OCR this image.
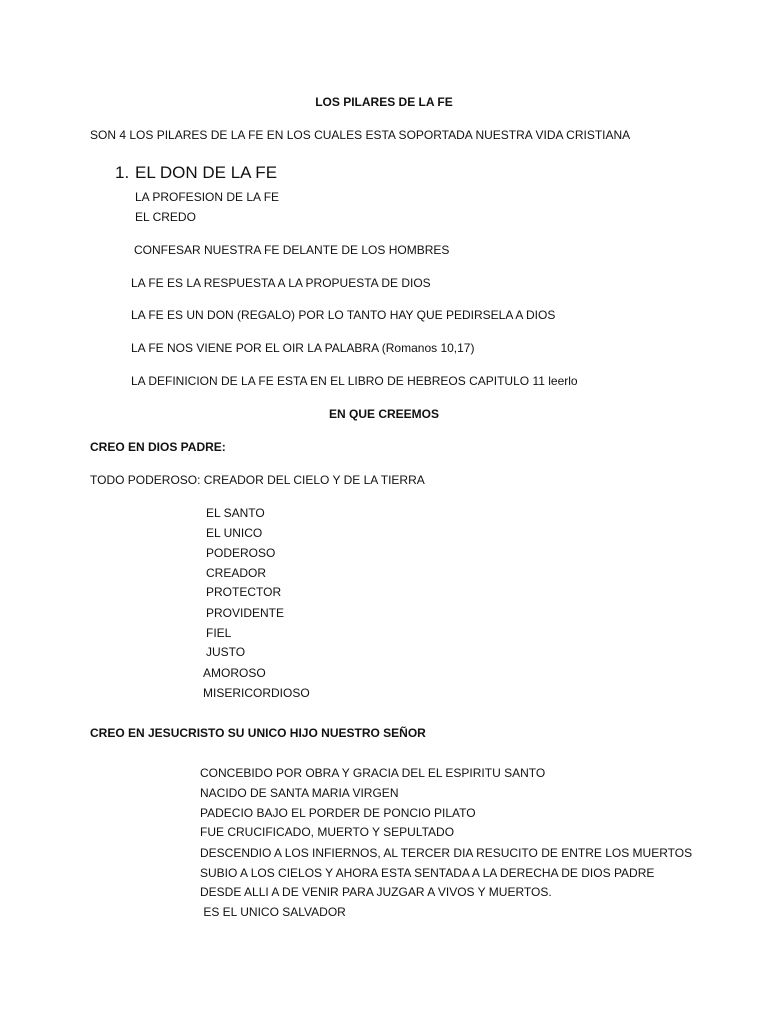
LOS PILARES DE LA FE
SON 4 LOS PILARES DE LA FE EN LOS CUALES ESTA SOPORTADA NUESTRA VIDA CRISTIANA
1. EL DON DE LA FE
LA PROFESION DE LA FE
EL CREDO
CONFESAR NUESTRA FE DELANTE DE LOS HOMBRES
LA FE ES LA RESPUESTA A LA PROPUESTA DE DIOS
LA FE ES UN DON (REGALO) POR LO TANTO HAY QUE PEDIRSELA A DIOS
LA FE NOS VIENE POR EL OIR LA PALABRA (Romanos 10,17)
LA DEFINICION DE LA FE ESTA EN EL LIBRO DE HEBREOS CAPITULO 11 leerlo
EN QUE CREEMOS
CREO EN DIOS PADRE:
TODO PODEROSO: CREADOR DEL CIELO Y DE LA TIERRA
EL SANTO
EL UNICO
PODEROSO
CREADOR
PROTECTOR
PROVIDENTE
FIEL
JUSTO
AMOROSO
MISERICORDIOSO
CREO EN JESUCRISTO SU UNICO HIJO NUESTRO SEÑOR
CONCEBIDO POR OBRA Y GRACIA DEL EL ESPIRITU SANTO
NACIDO DE SANTA MARIA VIRGEN
PADECIO BAJO EL PORDER DE PONCIO PILATO
FUE CRUCIFICADO, MUERTO Y SEPULTADO
DESCENDIO A LOS INFIERNOS, AL TERCER DIA RESUCITO DE ENTRE LOS MUERTOS
SUBIO A LOS CIELOS Y AHORA ESTA SENTADA A LA DERECHA DE DIOS PADRE
DESDE ALLI A DE VENIR PARA JUZGAR A VIVOS Y MUERTOS.
ES EL UNICO SALVADOR
